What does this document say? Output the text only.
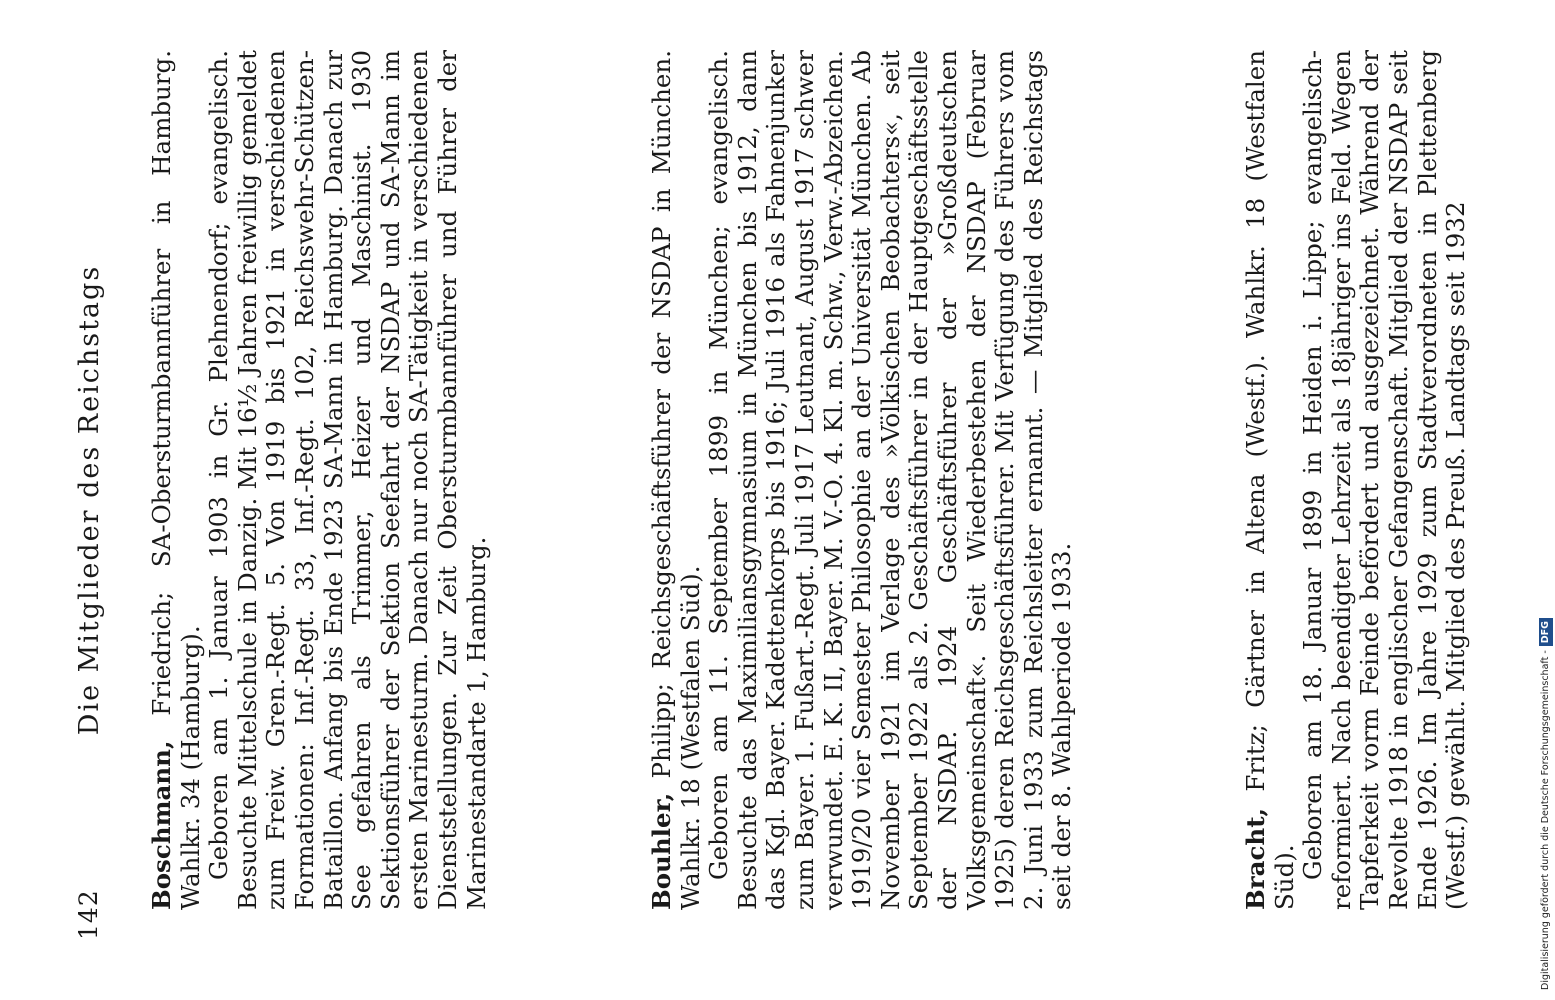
142
Die Mitglieder des Reichstags

Boschmann, Friedrich; SA-Obersturmbannführer in Hamburg. Wahlkr. 34 (Hamburg). Geboren am 1. Januar 1903 in Gr. Plehnendorf; evangelisch. Besuchte Mittelschule in Danzig. Mit 16½ Jahren freiwillig gemeldet zum Freiw. Gren.-Regt. 5. Von 1919 bis 1921 in verschiedenen Formationen: Inf.-Regt. 33, Inf.-Regt. 102, Reichswehr-Schützen-Bataillon. Anfang bis Ende 1923 SA-Mann in Hamburg. Danach zur See gefahren als Trimmer, Heizer und Maschinist. 1930 Sektionsführer der Sektion Seefahrt der NSDAP und SA-Mann im ersten Marinesturm. Danach nur noch SA-Tätigkeit in verschiedenen Dienststellungen. Zur Zeit Obersturmbannführer und Führer der Marinestandarte 1, Hamburg.	Bouhler, Philipp; Reichsgeschäftsführer der NSDAP in München. Wahlkr. 18 (Westfalen Süd). Geboren am 11. September 1899 in München; evangelisch. Besuchte das Maximiliansgymnasium in München bis 1912, dann das Kgl. Bayer. Kadettenkorps bis 1916; Juli 1916 als Fahnenjunker zum Bayer. 1. Fußart.-Regt. Juli 1917 Leutnant, August 1917 schwer verwundet. E. K. II, Bayer. M. V.-O. 4. Kl. m. Schw., Verw.-Abzeichen. 1919/20 vier Semester Philosophie an der Universität München. Ab November 1921 im Verlage des »Völkischen Beobachters«, seit September 1922 als 2. Geschäftsführer in der Hauptgeschäftsstelle der NSDAP. 1924 Geschäftsführer der »Großdeutschen Volksgemeinschaft«. Seit Wiederbestehen der NSDAP (Februar 1925) deren Reichsgeschäftsführer. Mit Verfügung des Führers vom 2. Juni 1933 zum Reichsleiter ernannt. — Mitglied des Reichstags seit der 8. Wahlperiode 1933.	Bracht, Fritz; Gärtner in Altena (Westf.). Wahlkr. 18 (Westfalen Süd). Geboren am 18. Januar 1899 in Heiden i. Lippe; evangelisch-reformiert. Nach beendigter Lehrzeit als 18jähriger ins Feld. Wegen Tapferkeit vorm Feinde befördert und ausgezeichnet. Während der Revolte 1918 in englischer Gefangenschaft. Mitglied der NSDAP seit Ende 1926. Im Jahre 1929 zum Stadtverordneten in Plettenberg (Westf.) gewählt. Mitglied des Preuß. Landtags seit 1932	Digitalisierung gefördert durch die Deutsche Forschungsgemeinschaft -DFG
